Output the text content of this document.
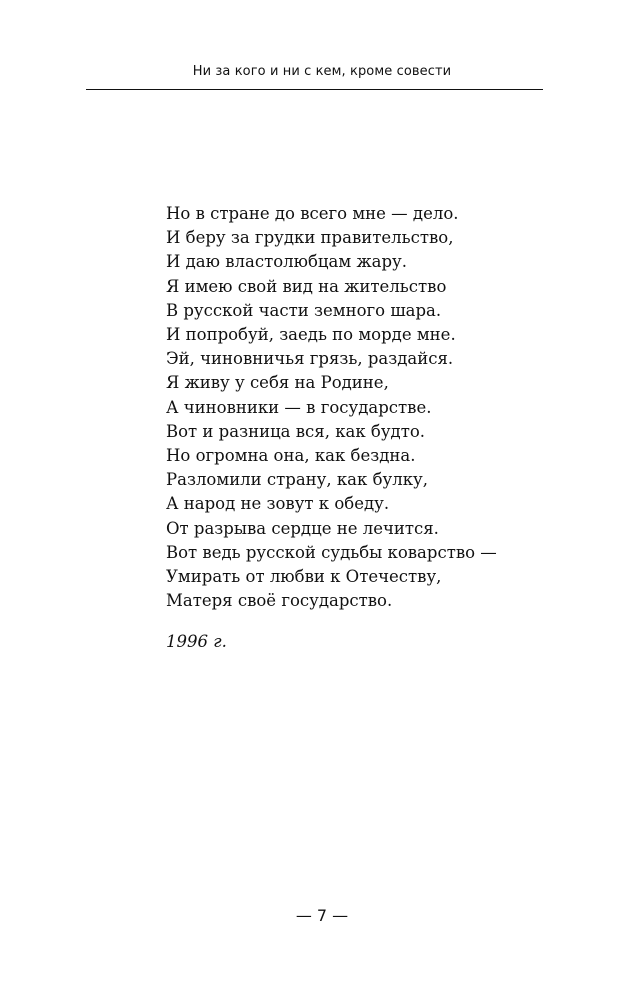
Ни за кого и ни с кем, кроме совести
Но в стране до всего мне — дело.
И беру за грудки правительство,
И даю властолюбцам жару.
Я имею свой вид на жительство
В русской части земного шара.
И попробуй, заедь по морде мне.
Эй, чиновничья грязь, раздайся.
Я живу у себя на Родине,
А чиновники — в государстве.
Вот и разница вся, как будто.
Но огромна она, как бездна.
Разломили страну, как булку,
А народ не зовут к обеду.
От разрыва сердце не лечится.
Вот ведь русской судьбы коварство —
Умирать от любви к Отечеству,
Матеря своё государство.
1996 г.
— 7 —
